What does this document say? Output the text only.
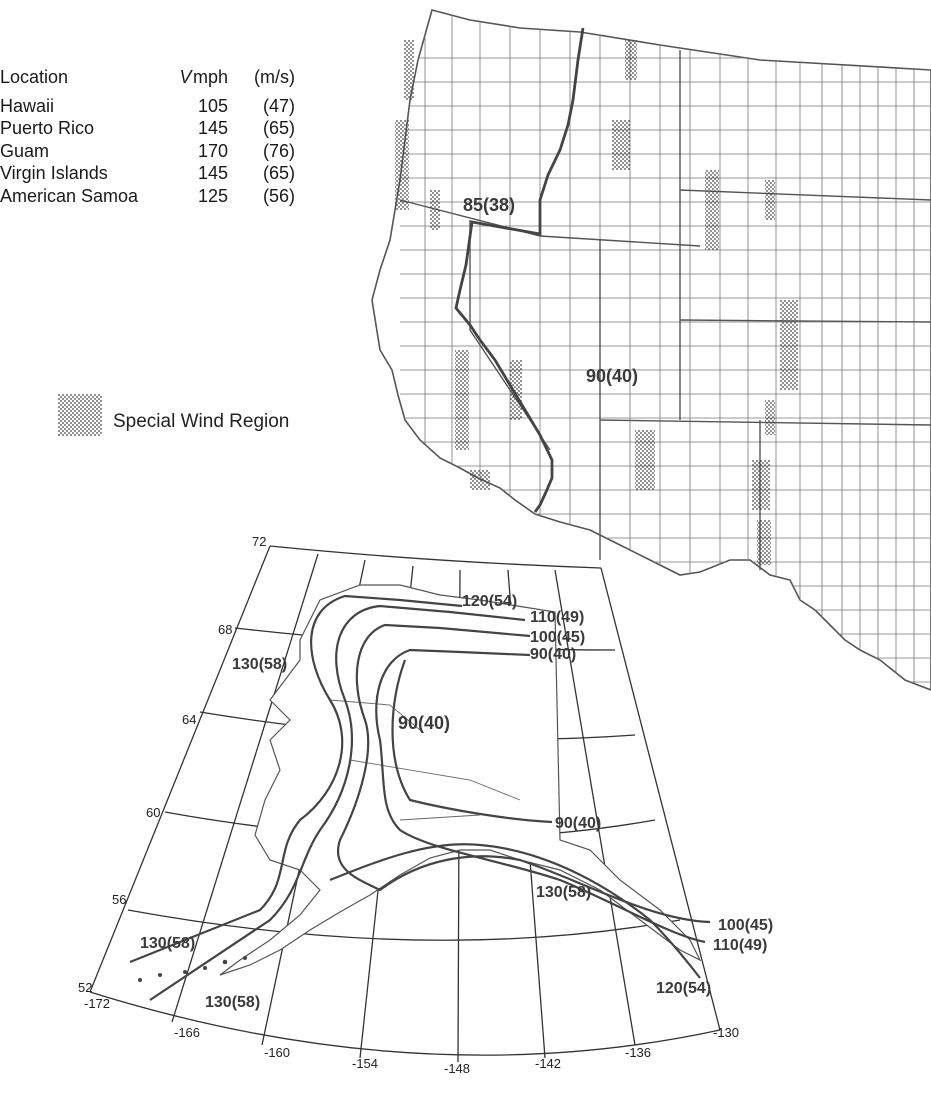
85(38)
90(40)
120(54)
110(49)
100(45)
90(40)
130(58)
90(40)
90(40)
130(58)
100(45)
110(49)
120(54)
130(58)
130(58)
72
68
64
60
56
52
-172
-166
-160
-154	-148	-142
-136
-130
Location	V mph (m/s)
Hawaii	105 (47)
Puerto Rico	145 (65)
Guam	170 (76)
Virgin Islands	145 (65)
American Samoa	125 (56)
Special Wind Region
